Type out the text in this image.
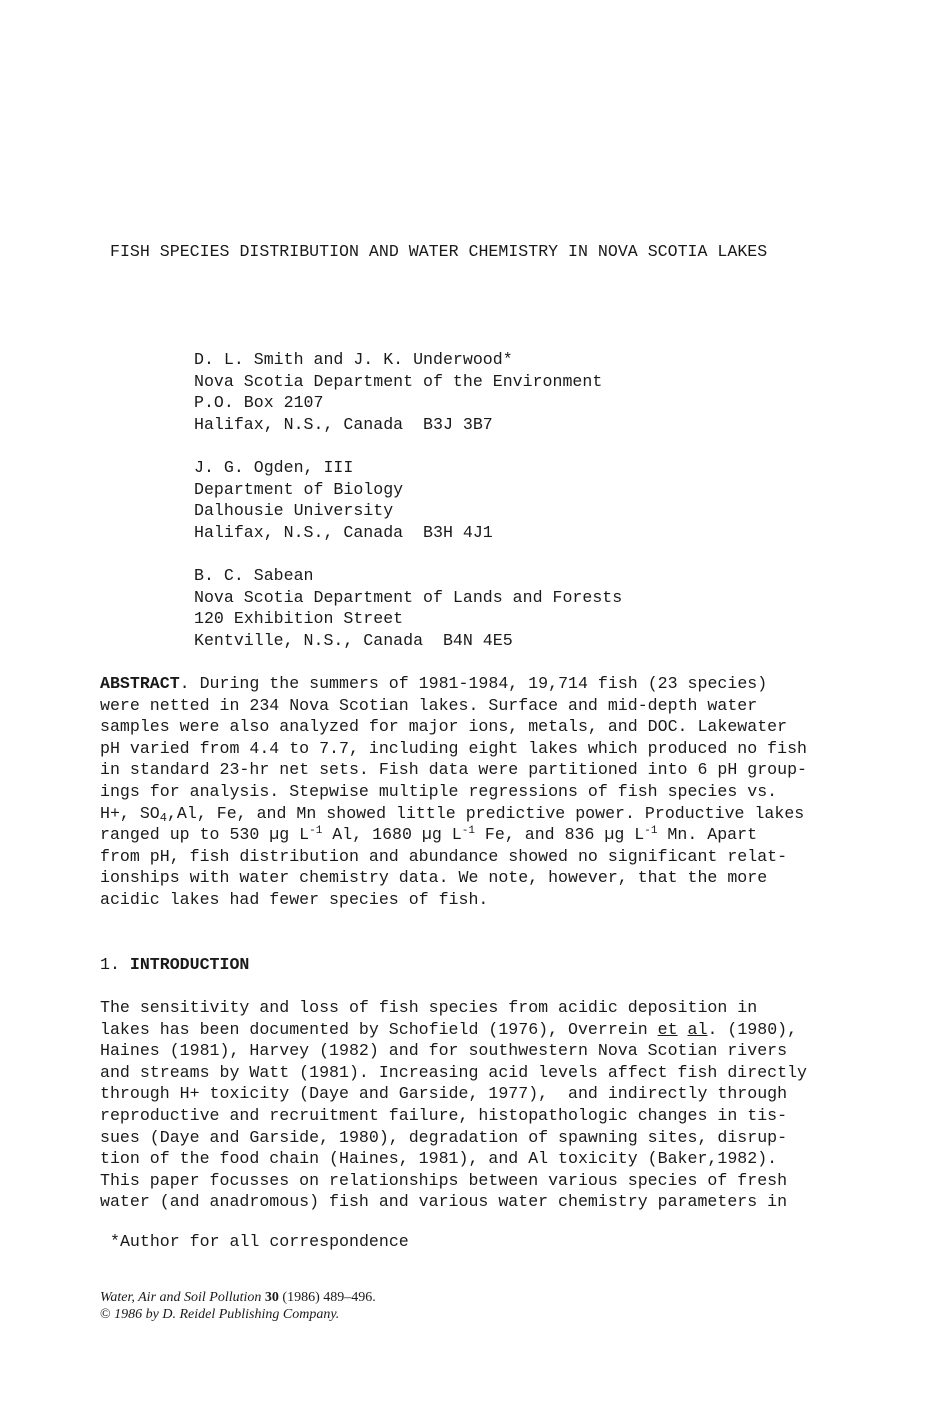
FISH SPECIES DISTRIBUTION AND WATER CHEMISTRY IN NOVA SCOTIA LAKES
D. L. Smith and J. K. Underwood*
Nova Scotia Department of the Environment
P.O. Box 2107
Halifax, N.S., Canada  B3J 3B7
J. G. Ogden, III
Department of Biology
Dalhousie University
Halifax, N.S., Canada  B3H 4J1
B. C. Sabean
Nova Scotia Department of Lands and Forests
120 Exhibition Street
Kentville, N.S., Canada  B4N 4E5
ABSTRACT. During the summers of 1981-1984, 19,714 fish (23 species)
were netted in 234 Nova Scotian lakes. Surface and mid-depth water
samples were also analyzed for major ions, metals, and DOC. Lakewater
pH varied from 4.4 to 7.7, including eight lakes which produced no fish
in standard 23-hr net sets. Fish data were partitioned into 6 pH group-
ings for analysis. Stepwise multiple regressions of fish species vs.
H+, $SO_4,Al$, Fe, and Mn showed little predictive power. Productive lakes
ranged up to 530 µg $L^{-1}$ Al, 1680 µg $L^{-1}$ Fe, and 836 µg $L^{-1}$ Mn. Apart
from pH, fish distribution and abundance showed no significant relat-
ionships with water chemistry data. We note, however, that the more
acidic lakes had fewer species of fish.
1. INTRODUCTION
The sensitivity and loss of fish species from acidic deposition in
lakes has been documented by Schofield (1976), Overrein et al. (1980),
Haines (1981), Harvey (1982) and for southwestern Nova Scotian rivers
and streams by Watt (1981). Increasing acid levels affect fish directly
through H+ toxicity (Daye and Garside, 1977),  and indirectly through
reproductive and recruitment failure, histopathologic changes in tis-
sues (Daye and Garside, 1980), degradation of spawning sites, disrup-
tion of the food chain (Haines, 1981), and Al toxicity (Baker,1982).
This paper focusses on relationships between various species of fresh
water (and anadromous) fish and various water chemistry parameters in
*Author for all correspondence
Water, Air and Soil Pollution 30 (1986) 489–496.
© 1986 by D. Reidel Publishing Company.
